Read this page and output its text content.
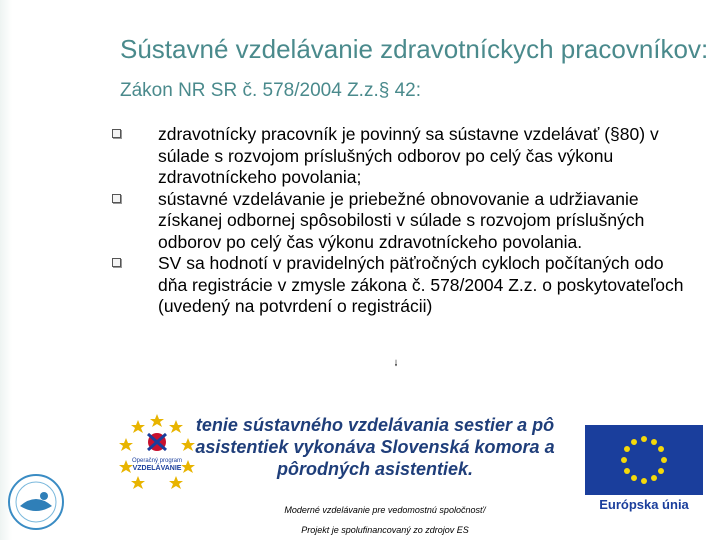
Sústavné vzdelávanie zdravotníckych pracovníkov: Zákon NR SR č. 578/2004 Z.z.§ 42:
zdravotnícky pracovník je povinný sa sústavne vzdelávať (§80) v súlade s rozvojom príslušných odborov po celý čas výkonu zdravotníckeho povolania;
sústavné vzdelávanie je priebežné obnovovanie a udržiavanie získanej odbornej spôsobilosti v súlade s rozvojom príslušných odborov po celý čas výkonu zdravotníckeho povolania.
SV sa hodnotí v pravidelných päťročných cykloch počítaných odo dňa registrácie v zmysle zákona č. 578/2004 Z.z. o poskytovateľoch (uvedený na potvrdení o registrácii)
tenie sústavného vzdelávania sestier a pô asistentiek vykonáva Slovenská komora a pôrodných asistentiek.
Operačný program
VZDELÁVANIE
Európska únia
Moderné vzdelávanie pre vedomostnú spoločnosť/
Projekt je spolufinancovaný zo zdrojov ES
